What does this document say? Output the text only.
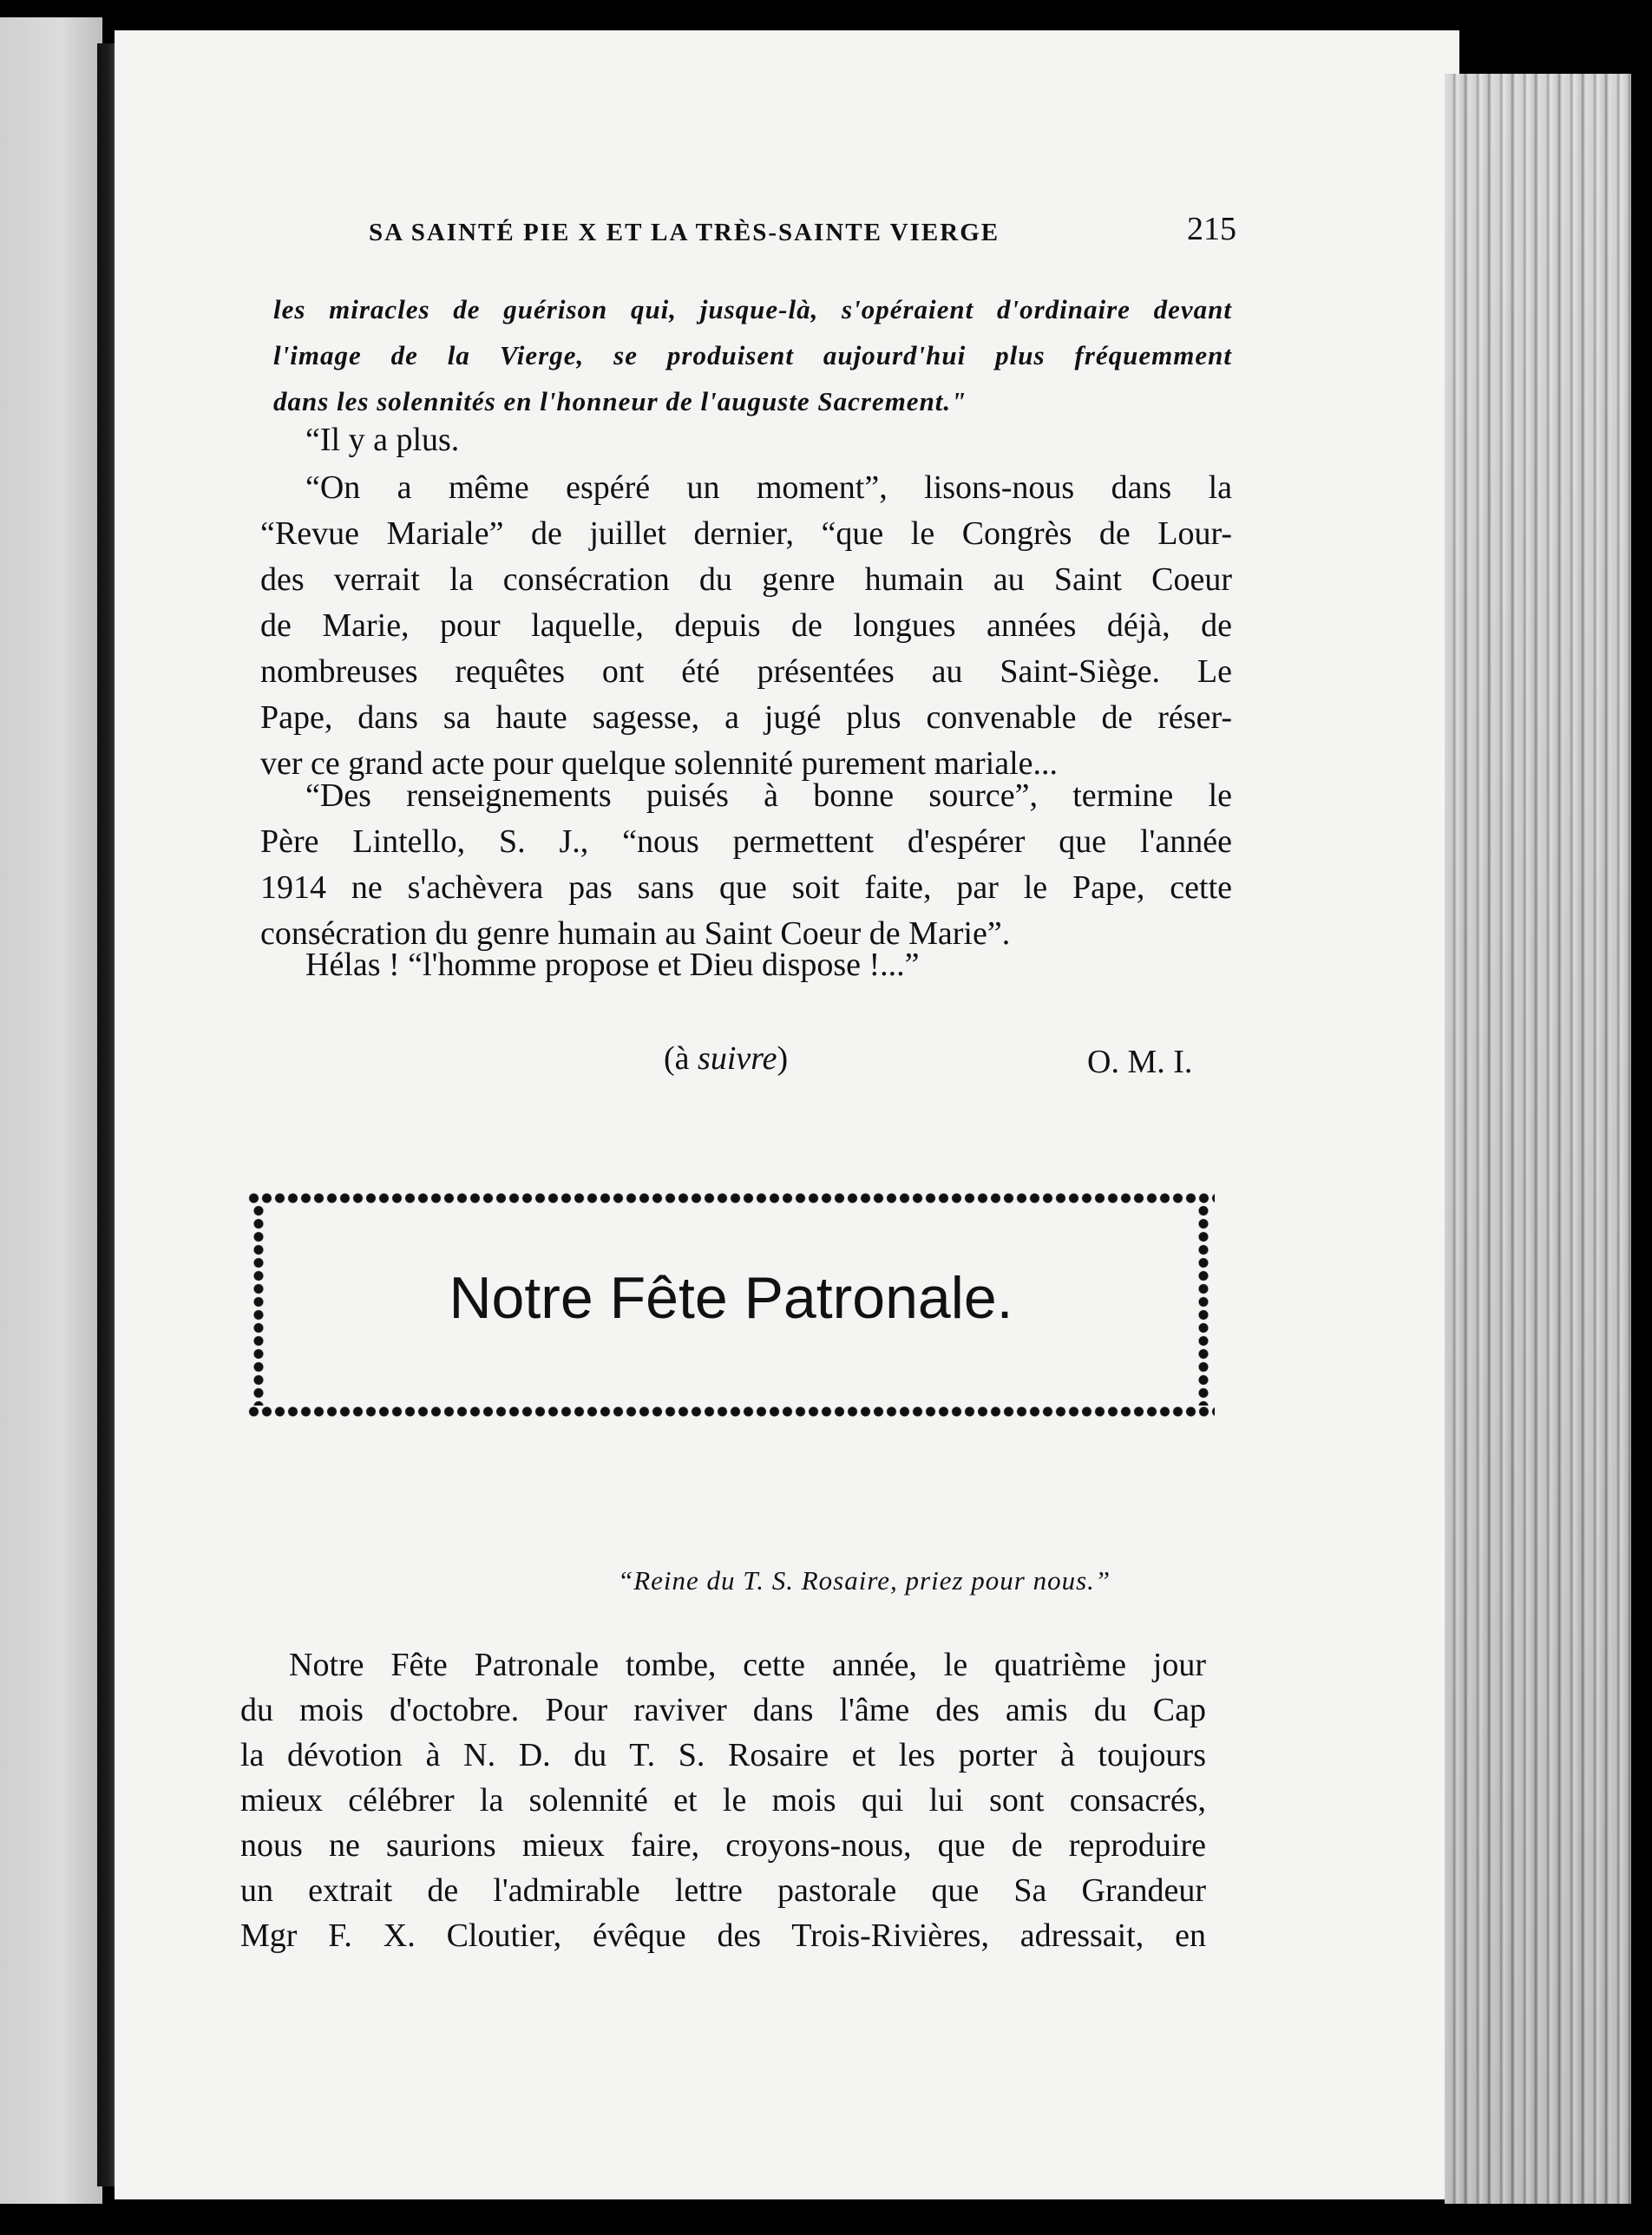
SA SAINTÉ PIE X ET LA TRÈS-SAINTE VIERGE	215
les miracles de guérison qui, jusque-là, s'opéraient d'ordinaire devant
l'image de la Vierge, se produisent aujourd'hui plus fréquemment
dans les solennités en l'honneur de l'auguste Sacrement."
“Il y a plus.
“On a même espéré un moment”, lisons-nous dans la
“Revue Mariale” de juillet dernier, “que le Congrès de Lour-
des verrait la consécration du genre humain au Saint Coeur
de Marie, pour laquelle, depuis de longues années déjà, de
nombreuses requêtes ont été présentées au Saint-Siège. Le
Pape, dans sa haute sagesse, a jugé plus convenable de réser-
ver ce grand acte pour quelque solennité purement mariale...
“Des renseignements puisés à bonne source”, termine le
Père Lintello, S. J., “nous permettent d'espérer que l'année
1914 ne s'achèvera pas sans que soit faite, par le Pape, cette
consécration du genre humain au Saint Coeur de Marie”.
Hélas ! “l'homme propose et Dieu dispose !...”
(à suivre)	O. M. I.
Notre Fête Patronale.
“Reine du T. S. Rosaire, priez pour nous.”
Notre Fête Patronale tombe, cette année, le quatrième jour
du mois d'octobre. Pour raviver dans l'âme des amis du Cap
la dévotion à N. D. du T. S. Rosaire et les porter à toujours
mieux célébrer la solennité et le mois qui lui sont consacrés,
nous ne saurions mieux faire, croyons-nous, que de reproduire
un extrait de l'admirable lettre pastorale que Sa Grandeur
Mgr F. X. Cloutier, évêque des Trois-Rivières, adressait, en
